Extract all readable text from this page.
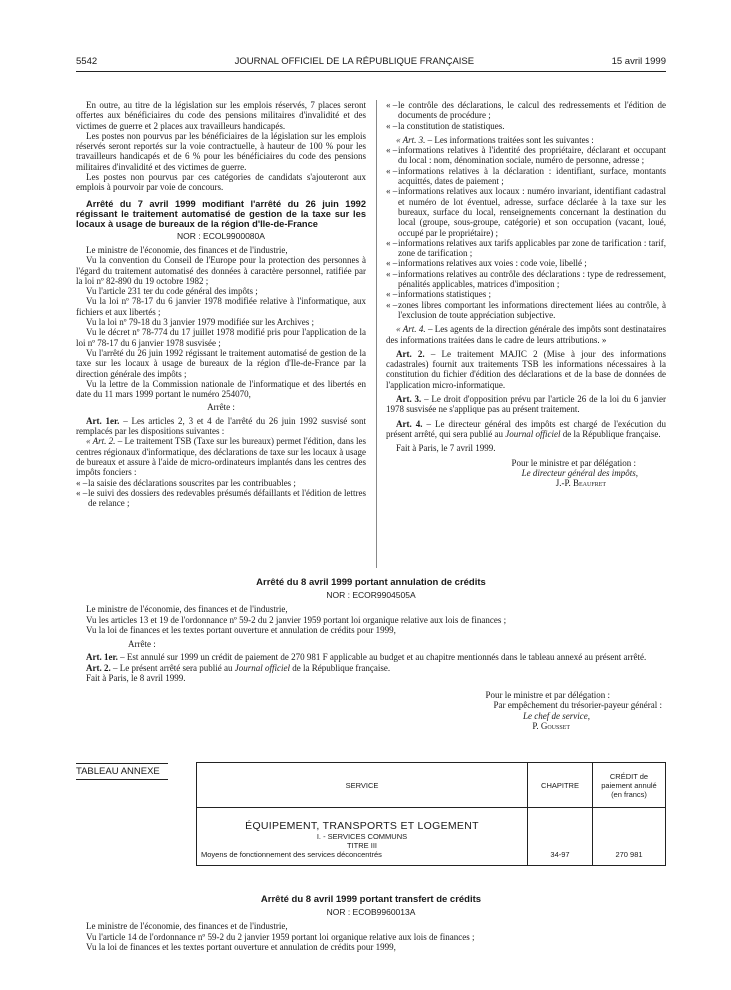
5542	JOURNAL OFFICIEL DE LA RÉPUBLIQUE FRANÇAISE	15 avril 1999

En outre, au titre de la législation sur les emplois réservés, 7 places seront offertes aux bénéficiaires du code des pensions militaires d'invalidité et des victimes de guerre et 2 places aux travailleurs handicapés.

Les postes non pourvus par les bénéficiaires de la législation sur les emplois réservés seront reportés sur la voie contractuelle, à hauteur de 100 % pour les travailleurs handicapés et de 6 % pour les bénéficiaires du code des pensions militaires d'invalidité et des victimes de guerre.

Les postes non pourvus par ces catégories de candidats s'ajouteront aux emplois à pourvoir par voie de concours.

Arrêté du 7 avril 1999 modifiant l'arrêté du 26 juin 1992 régissant le traitement automatisé de gestion de la taxe sur les locaux à usage de bureaux de la région d'Ile-de-France

NOR : ECOL9900080A

Le ministre de l'économie, des finances et de l'industrie,

Vu la convention du Conseil de l'Europe pour la protection des personnes à l'égard du traitement automatisé des données à caractère personnel, ratifiée par la loi nº 82-890 du 19 octobre 1982 ;

Vu l'article 231 ter du code général des impôts ;

Vu la loi nº 78-17 du 6 janvier 1978 modifiée relative à l'informatique, aux fichiers et aux libertés ;

Vu la loi nº 79-18 du 3 janvier 1979 modifiée sur les Archives ;

Vu le décret nº 78-774 du 17 juillet 1978 modifié pris pour l'application de la loi nº 78-17 du 6 janvier 1978 susvisée ;

Vu l'arrêté du 26 juin 1992 régissant le traitement automatisé de gestion de la taxe sur les locaux à usage de bureaux de la région d'Ile-de-France par la direction générale des impôts ;

Vu la lettre de la Commission nationale de l'informatique et des libertés en date du 11 mars 1999 portant le numéro 254070,

Arrête :

Art. 1er. – Les articles 2, 3 et 4 de l'arrêté du 26 juin 1992 susvisé sont remplacés par les dispositions suivantes :

« Art. 2. – Le traitement TSB (Taxe sur les bureaux) permet l'édition, dans les centres régionaux d'informatique, des déclarations de taxe sur les locaux à usage de bureaux et assure à l'aide de micro-ordinateurs implantés dans les centres des impôts fonciers :

« – la saisie des déclarations souscrites par les contribuables ;

« – le suivi des dossiers des redevables présumés défaillants et l'édition de lettres de relance ;

« – le contrôle des déclarations, le calcul des redressements et l'édition de documents de procédure ;

« – la constitution de statistiques.

« Art. 3. – Les informations traitées sont les suivantes :

« – informations relatives à l'identité des propriétaire, déclarant et occupant du local : nom, dénomination sociale, numéro de personne, adresse ;

« – informations relatives à la déclaration : identifiant, surface, montants acquittés, dates de paiement ;

« – informations relatives aux locaux : numéro invariant, identifiant cadastral et numéro de lot éventuel, adresse, surface déclarée à la taxe sur les bureaux, surface du local, renseignements concernant la destination du local (groupe, sous-groupe, catégorie) et son occupation (vacant, loué, occupé par le propriétaire) ;

« – informations relatives aux tarifs applicables par zone de tarification : tarif, zone de tarification ;

« – informations relatives aux voies : code voie, libellé ;

« – informations relatives au contrôle des déclarations : type de redressement, pénalités applicables, matrices d'imposition ;

« – informations statistiques ;

« – zones libres comportant les informations directement liées au contrôle, à l'exclusion de toute appréciation subjective.

« Art. 4. – Les agents de la direction générale des impôts sont destinataires des informations traitées dans le cadre de leurs attributions. »

Art. 2. – Le traitement MAJIC 2 (Mise à jour des informations cadastrales) fournit aux traitements TSB les informations nécessaires à la constitution du fichier d'édition des déclarations et de la base de données de l'application micro-informatique.

Art. 3. – Le droit d'opposition prévu par l'article 26 de la loi du 6 janvier 1978 susvisée ne s'applique pas au présent traitement.

Art. 4. – Le directeur général des impôts est chargé de l'exécution du présent arrêté, qui sera publié au Journal officiel de la République française.

Fait à Paris, le 7 avril 1999.

Pour le ministre et par délégation :

Le directeur général des impôts,

J.-P. Beaufret

Arrêté du 8 avril 1999 portant annulation de crédits

NOR : ECOR9904505A

Le ministre de l'économie, des finances et de l'industrie,

Vu les articles 13 et 19 de l'ordonnance nº 59-2 du 2 janvier 1959 portant loi organique relative aux lois de finances ;

Vu la loi de finances et les textes portant ouverture et annulation de crédits pour 1999,

Arrête :

Art. 1er. – Est annulé sur 1999 un crédit de paiement de 270 981 F applicable au budget et au chapitre mentionnés dans le tableau annexé au présent arrêté.

Art. 2. – Le présent arrêté sera publié au Journal officiel de la République française.

Fait à Paris, le 8 avril 1999.

Pour le ministre et par délégation :

Par empêchement du trésorier-payeur général :

Le chef de service,

P. Gousset

TABLEAU ANNEXE
SERVICE	CHAPITRE	CRÉDIT de paiement annulé (en francs)
ÉQUIPEMENT, TRANSPORTS ET LOGEMENT		
I. - SERVICES COMMUNS		
TITRE III		
Moyens de fonctionnement des services déconcentrés	34-97	270 981

Arrêté du 8 avril 1999 portant transfert de crédits

NOR : ECOB9960013A

Le ministre de l'économie, des finances et de l'industrie,

Vu l'article 14 de l'ordonnance nº 59-2 du 2 janvier 1959 portant loi organique relative aux lois de finances ;

Vu la loi de finances et les textes portant ouverture et annulation de crédits pour 1999,
